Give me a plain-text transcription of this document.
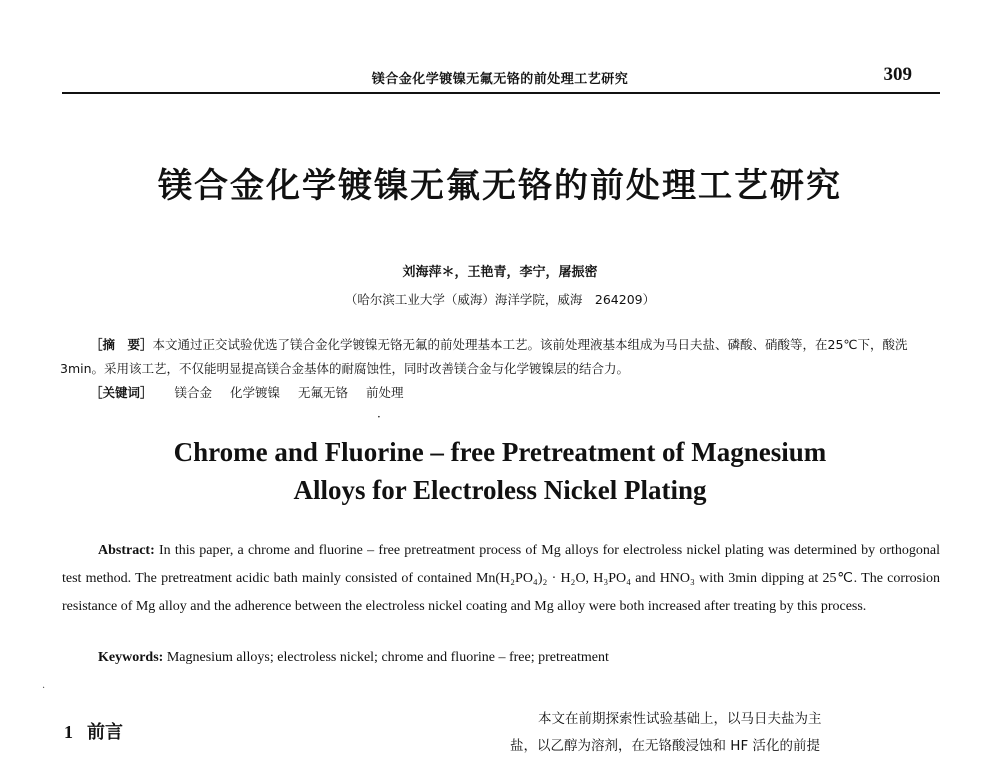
镁合金化学镀镍无氟无铬的前处理工艺研究	309
镁合金化学镀镍无氟无铬的前处理工艺研究
刘海萍＊，王艳青，李宁，屠振密
（哈尔滨工业大学（威海）海洋学院，威海　264209）
［摘　要］本文通过正交试验优选了镁合金化学镀镍无铬无氟的前处理基本工艺。该前处理液基本组成为马日夫盐、磷酸、硝酸等，在25℃下，酸洗3min。采用该工艺，不仅能明显提高镁合金基体的耐腐蚀性，同时改善镁合金与化学镀镍层的结合力。
［关键词］ 镁合金 化学镀镍 无氟无铬 前处理
·
Chrome and Fluorine – free Pretreatment of Magnesium
Alloys for Electroless Nickel Plating
Abstract: In this paper, a chrome and fluorine – free pretreatment process of Mg alloys for electroless nickel plating was determined by orthogonal test method. The pretreatment acidic bath mainly consisted of contained Mn(H₂PO₄)₂ · H₂O, H₃PO₄ and HNO₃ with 3min dipping at 25℃. The corrosion resistance of Mg alloy and the adherence between the electroless nickel coating and Mg alloy were both increased after treating by this process.
Keywords: Magnesium alloys; electroless nickel; chrome and fluorine – free; pretreatment
·
1 前言
本文在前期探索性试验基础上，以马日夫盐为主
盐，以乙醇为溶剂，在无铬酸浸蚀和 HF 活化的前提
